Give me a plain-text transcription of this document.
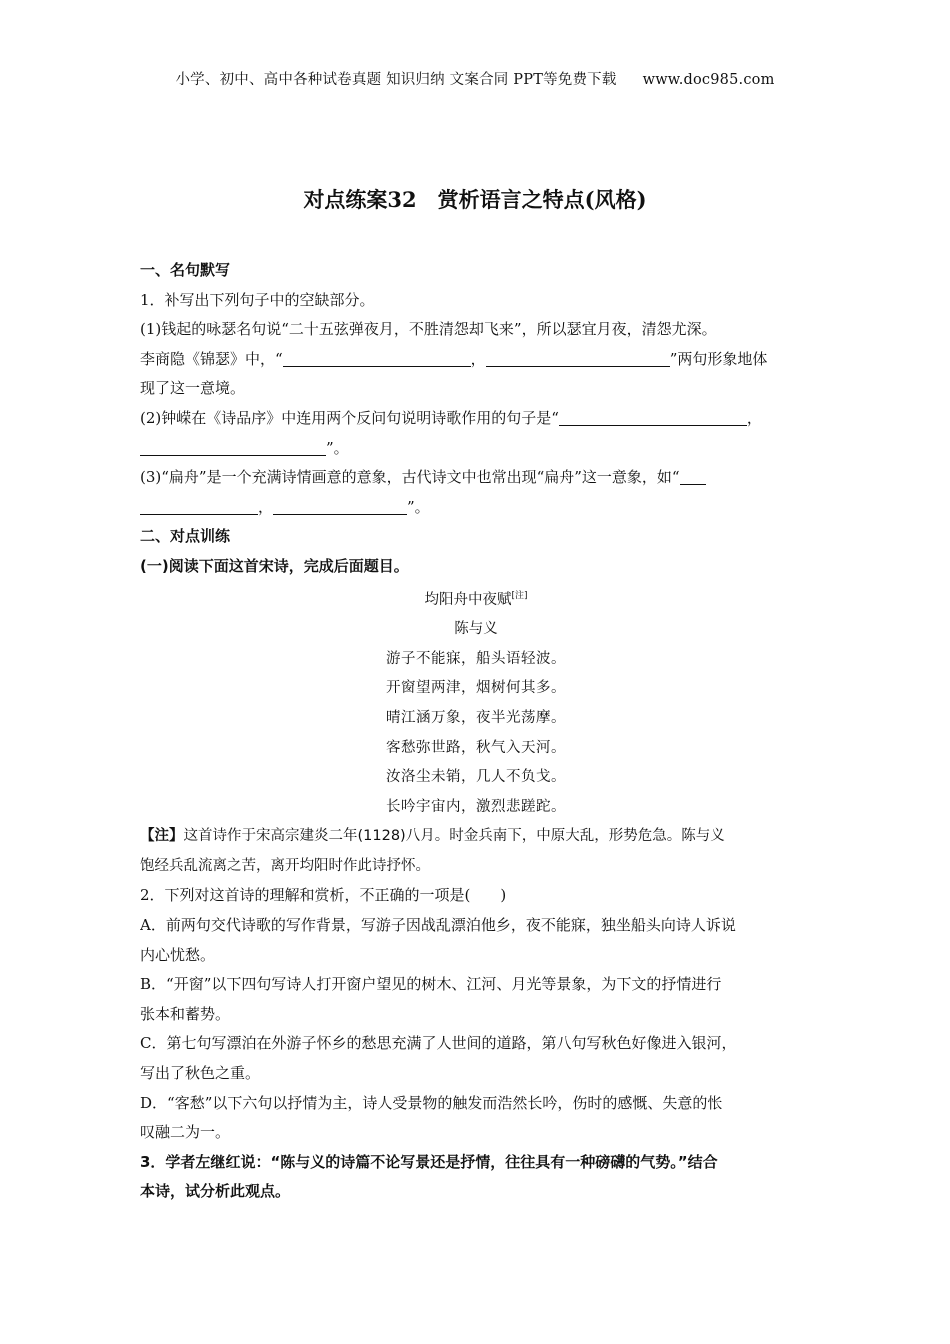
小学、初中、高中各种试卷真题 知识归纳 文案合同 PPT等免费下载 www.doc985.com
对点练案32　赏析语言之特点(风格)
一、名句默写
1．补写出下列句子中的空缺部分。
(1)钱起的咏瑟名句说“二十五弦弹夜月，不胜清怨却飞来”，所以瑟宜月夜，清怨尤深。
李商隐《锦瑟》中，“	，	”两句形象地体
现了这一意境。
(2)钟嵘在《诗品序》中连用两个反问句说明诗歌作用的句子是“	，
”。
(3)“扁舟”是一个充满诗情画意的意象，古代诗文中也常出现“扁舟”这一意象，如“
，	”。
二、对点训练
(一)阅读下面这首宋诗，完成后面题目。
均阳舟中夜赋[注]
陈与义
游子不能寐，船头语轻波。
开窗望两津，烟树何其多。
晴江涵万象，夜半光荡摩。
客愁弥世路，秋气入天河。
汝洛尘未销，几人不负戈。
长吟宇宙内，激烈悲蹉跎。
【注】这首诗作于宋高宗建炎二年(1128)八月。时金兵南下，中原大乱，形势危急。陈与义
饱经兵乱流离之苦，离开均阳时作此诗抒怀。
2．下列对这首诗的理解和赏析，不正确的一项是(　　)
A．前两句交代诗歌的写作背景，写游子因战乱漂泊他乡，夜不能寐，独坐船头向诗人诉说
内心忧愁。
B．“开窗”以下四句写诗人打开窗户望见的树木、江河、月光等景象，为下文的抒情进行
张本和蓄势。
C．第七句写漂泊在外游子怀乡的愁思充满了人世间的道路，第八句写秋色好像进入银河，
写出了秋色之重。
D．“客愁”以下六句以抒情为主，诗人受景物的触发而浩然长吟，伤时的感慨、失意的怅
叹融二为一。
3．学者左继红说：“陈与义的诗篇不论写景还是抒情，往往具有一种磅礴的气势。”结合
本诗，试分析此观点。
